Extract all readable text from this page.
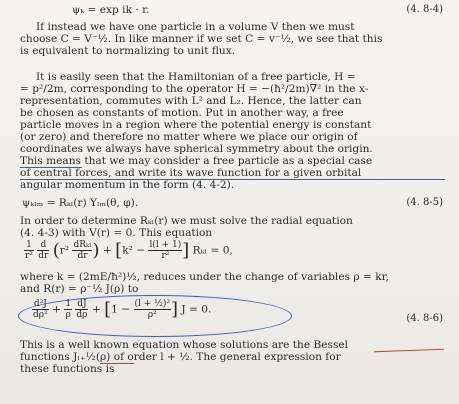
ψₖ = exp ik · r.	(4. 8-4)
If instead we have one particle in a volume V then we must
choose C = V⁻½. In like manner if we set C = v⁻½, we see that this
is equivalent to normalizing to unit flux.
It is easily seen that the Hamiltonian of a free particle, H =
= p²/2m, corresponding to the operator H = −(ħ²/2m)∇² in the x-
representation, commutes with L² and L₂. Hence, the latter can
be chosen as constants of motion. Put in another way, a free
particle moves in a region where the potential energy is constant
(or zero) and therefore no matter where we place our origin of
coordinates we always have spherical symmetry about the origin.
This means that we may consider a free particle as a special case
of central forces, and write its wave function for a given orbital
angular momentum in the form (4. 4-2).
ψₖₗₘ = Rₖₗ(r) Yₗₘ(θ, φ).	(4. 8-5)
In order to determine Rₖₗ(r) we must solve the radial equation
(4. 4-3) with V(r) = 0. This equation
$\frac{1}{\text{r²}}$
$\frac{d}{dr} (r^2 \frac{\text{dRₖₗ}}{dr}$ ) + [$k^2 - \frac{l(l + 1)}{\text{r²}}$ ] Rₖₗ = 0,
where k = (2mE/ħ²)½, reduces under the change of variables ρ = kr,
and R(r) = ρ⁻½ J(ρ) to
$\frac{\text{d²J}}{\text{dρ²}} + \frac{1}{\rho}$
$\frac{dJ}{d\rho} + [1 - \frac{\text{(l + ½)²}}{\text{ρ²}}$ ] J = 0.
(4. 8-6)
This is a well known equation whose solutions are the Bessel
functions Jₗ₊½(ρ) of order l + ½. The general expression for
these functions is
